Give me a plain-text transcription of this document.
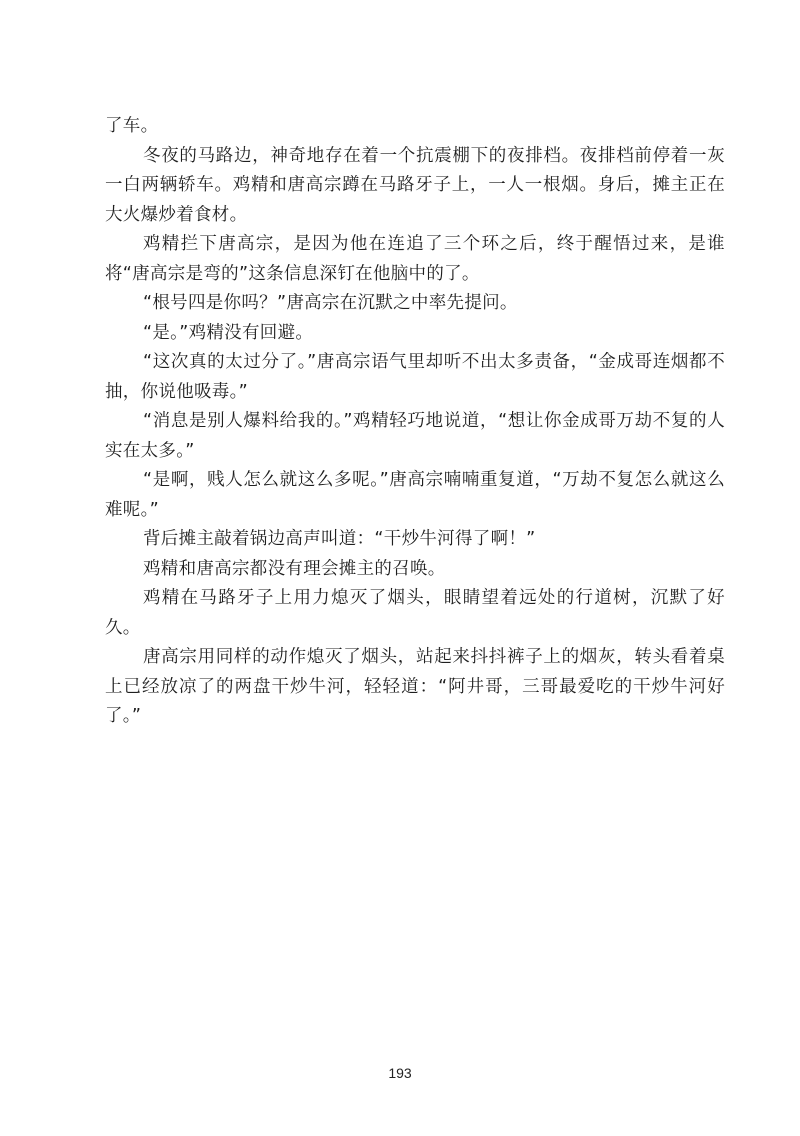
了车。

冬夜的马路边，神奇地存在着一个抗震棚下的夜排档。夜排档前停着一灰一白两辆轿车。鸡精和唐高宗蹲在马路牙子上，一人一根烟。身后，摊主正在大火爆炒着食材。

鸡精拦下唐高宗，是因为他在连追了三个环之后，终于醒悟过来，是谁将“唐高宗是弯的”这条信息深钉在他脑中的了。

“根号四是你吗？”唐高宗在沉默之中率先提问。

“是。”鸡精没有回避。

“这次真的太过分了。”唐高宗语气里却听不出太多责备，“金成哥连烟都不抽，你说他吸毒。”

“消息是别人爆料给我的。”鸡精轻巧地说道，“想让你金成哥万劫不复的人实在太多。”

“是啊，贱人怎么就这么多呢。”唐高宗喃喃重复道，“万劫不复怎么就这么难呢。”

背后摊主敲着锅边高声叫道：“干炒牛河得了啊！”

鸡精和唐高宗都没有理会摊主的召唤。

鸡精在马路牙子上用力熄灭了烟头，眼睛望着远处的行道树，沉默了好久。

唐高宗用同样的动作熄灭了烟头，站起来抖抖裤子上的烟灰，转头看着桌上已经放凉了的两盘干炒牛河，轻轻道：“阿井哥，三哥最爱吃的干炒牛河好了。”

193
